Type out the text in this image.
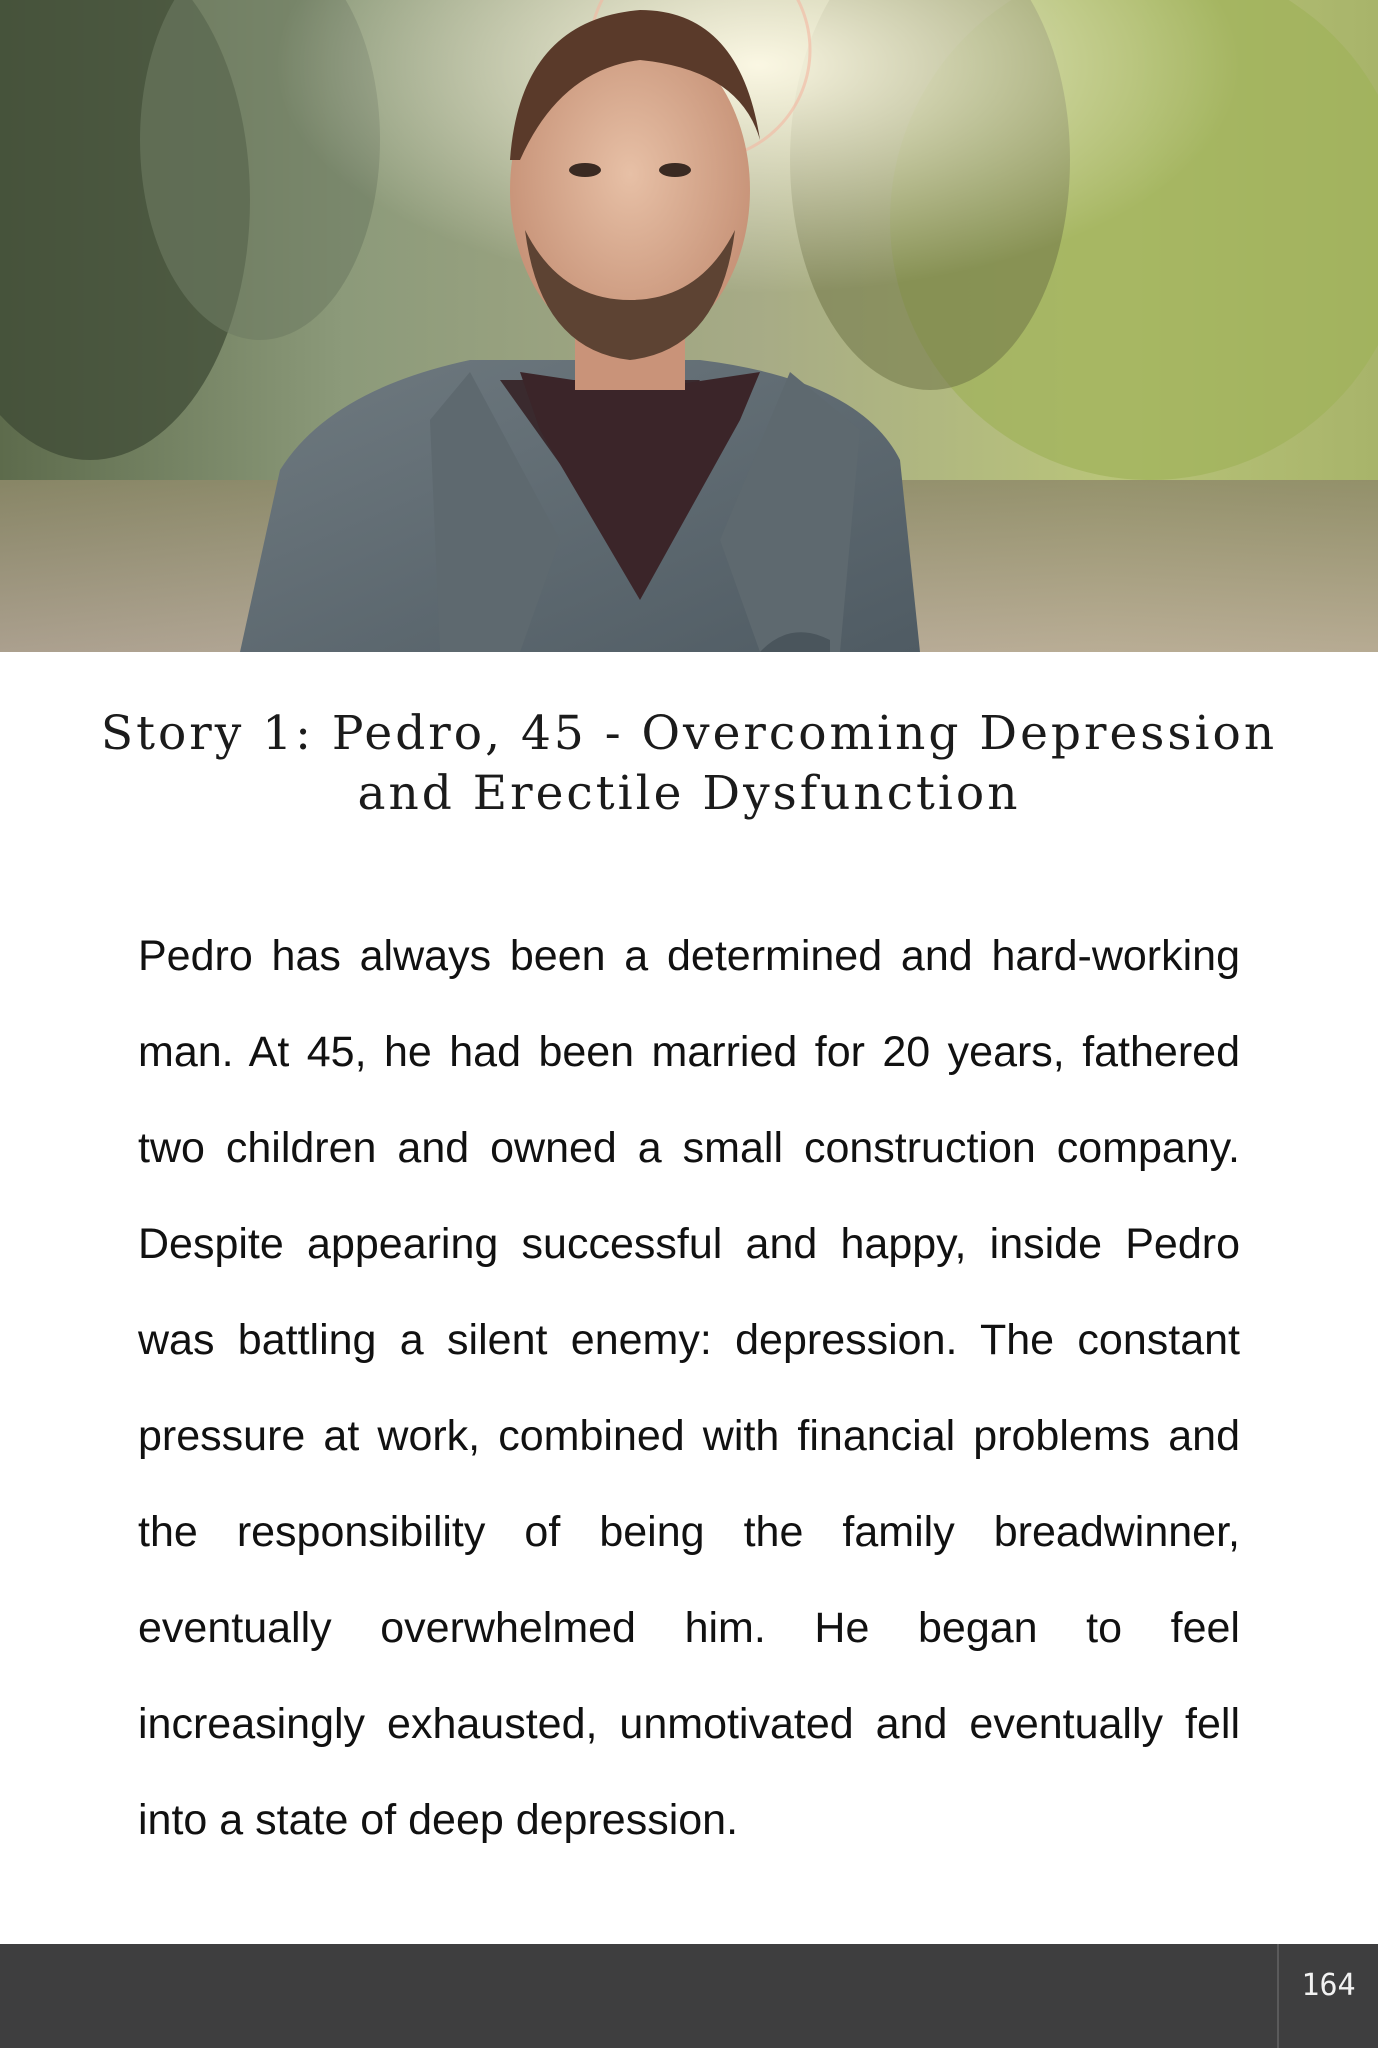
Story 1: Pedro, 45 - Overcoming Depression and Erectile Dysfunction

Pedro has always been a determined and hard-working man. At 45, he had been married for 20 years, fathered two children and owned a small construction company. Despite appearing successful and happy, inside Pedro was battling a silent enemy: depression. The constant pressure at work, combined with financial problems and the responsibility of being the family breadwinner, eventually overwhelmed him. He began to feel increasingly exhausted, unmotivated and eventually fell into a state of deep depression.

164
